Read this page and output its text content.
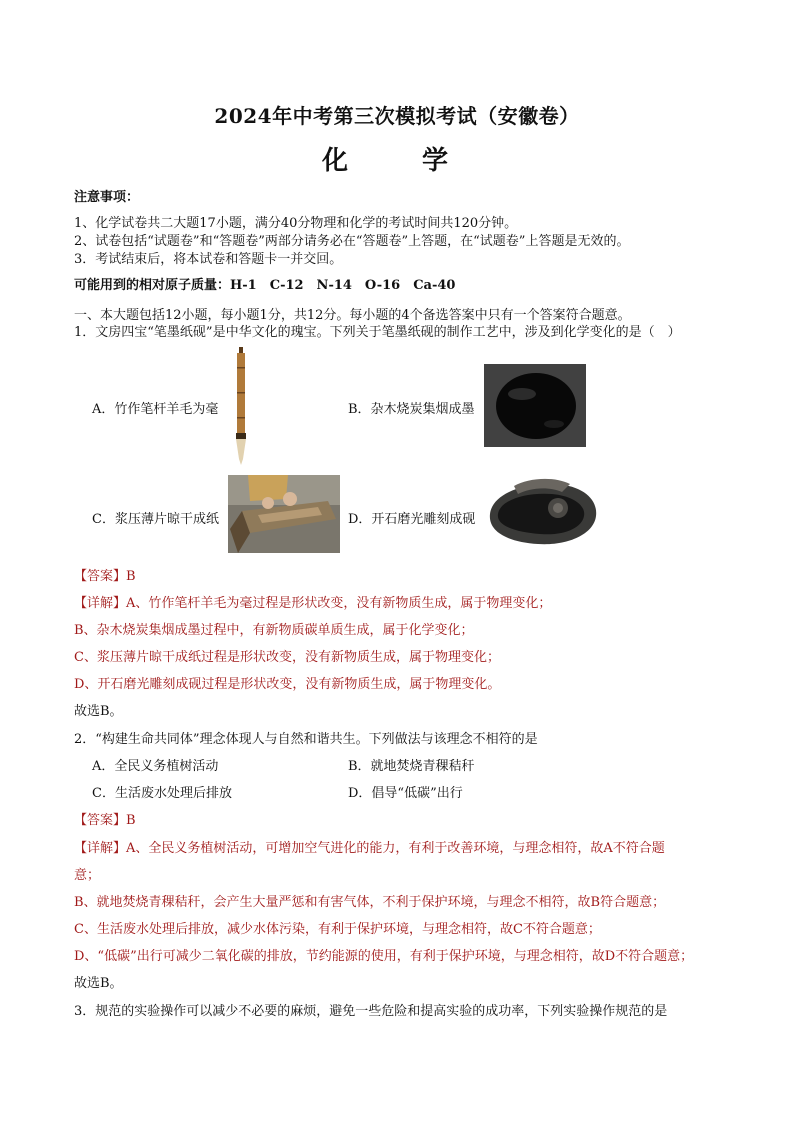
2024年中考第三次模拟考试（安徽卷）
化　学
注意事项：
1、化学试卷共二大题17小题，满分40分物理和化学的考试时间共120分钟。
2、试卷包括“试题卷”和“答题卷”两部分请务必在“答题卷”上答题，在“试题卷”上答题是无效的。
3．考试结束后，将本试卷和答题卡一并交回。
可能用到的相对原子质量：H-1　C-12　N-14　O-16　Ca-40
一、本大题包括12小题，每小题1分，共12分。每小题的4个备选答案中只有一个答案符合题意。
1．文房四宝“笔墨纸砚”是中华文化的瑰宝。下列关于笔墨纸砚的制作工艺中，涉及到化学变化的是（　）
A．竹作笔杆羊毛为毫	B．杂木烧炭集烟成墨
C．浆压薄片晾干成纸	D．开石磨光雕刻成砚
【答案】B
【详解】A、竹作笔杆羊毛为毫过程是形状改变，没有新物质生成，属于物理变化；
B、杂木烧炭集烟成墨过程中，有新物质碳单质生成，属于化学变化；
C、浆压薄片晾干成纸过程是形状改变，没有新物质生成，属于物理变化；
D、开石磨光雕刻成砚过程是形状改变，没有新物质生成，属于物理变化。
故选B。
2．“构建生命共同体”理念体现人与自然和谐共生。下列做法与该理念不相符的是
A．全民义务植树活动	B．就地焚烧青稞秸秆
C．生活废水处理后排放	D．倡导“低碳”出行
【答案】B
【详解】A、全民义务植树活动，可增加空气进化的能力，有利于改善环境，与理念相符，故A不符合题
意；
B、就地焚烧青稞秸秆，会产生大量严惩和有害气体，不利于保护环境，与理念不相符，故B符合题意；
C、生活废水处理后排放，减少水体污染，有利于保护环境，与理念相符，故C不符合题意；
D、“低碳”出行可减少二氧化碳的排放，节约能源的使用，有利于保护环境，与理念相符，故D不符合题意；
故选B。
3．规范的实验操作可以减少不必要的麻烦，避免一些危险和提高实验的成功率，下列实验操作规范的是
